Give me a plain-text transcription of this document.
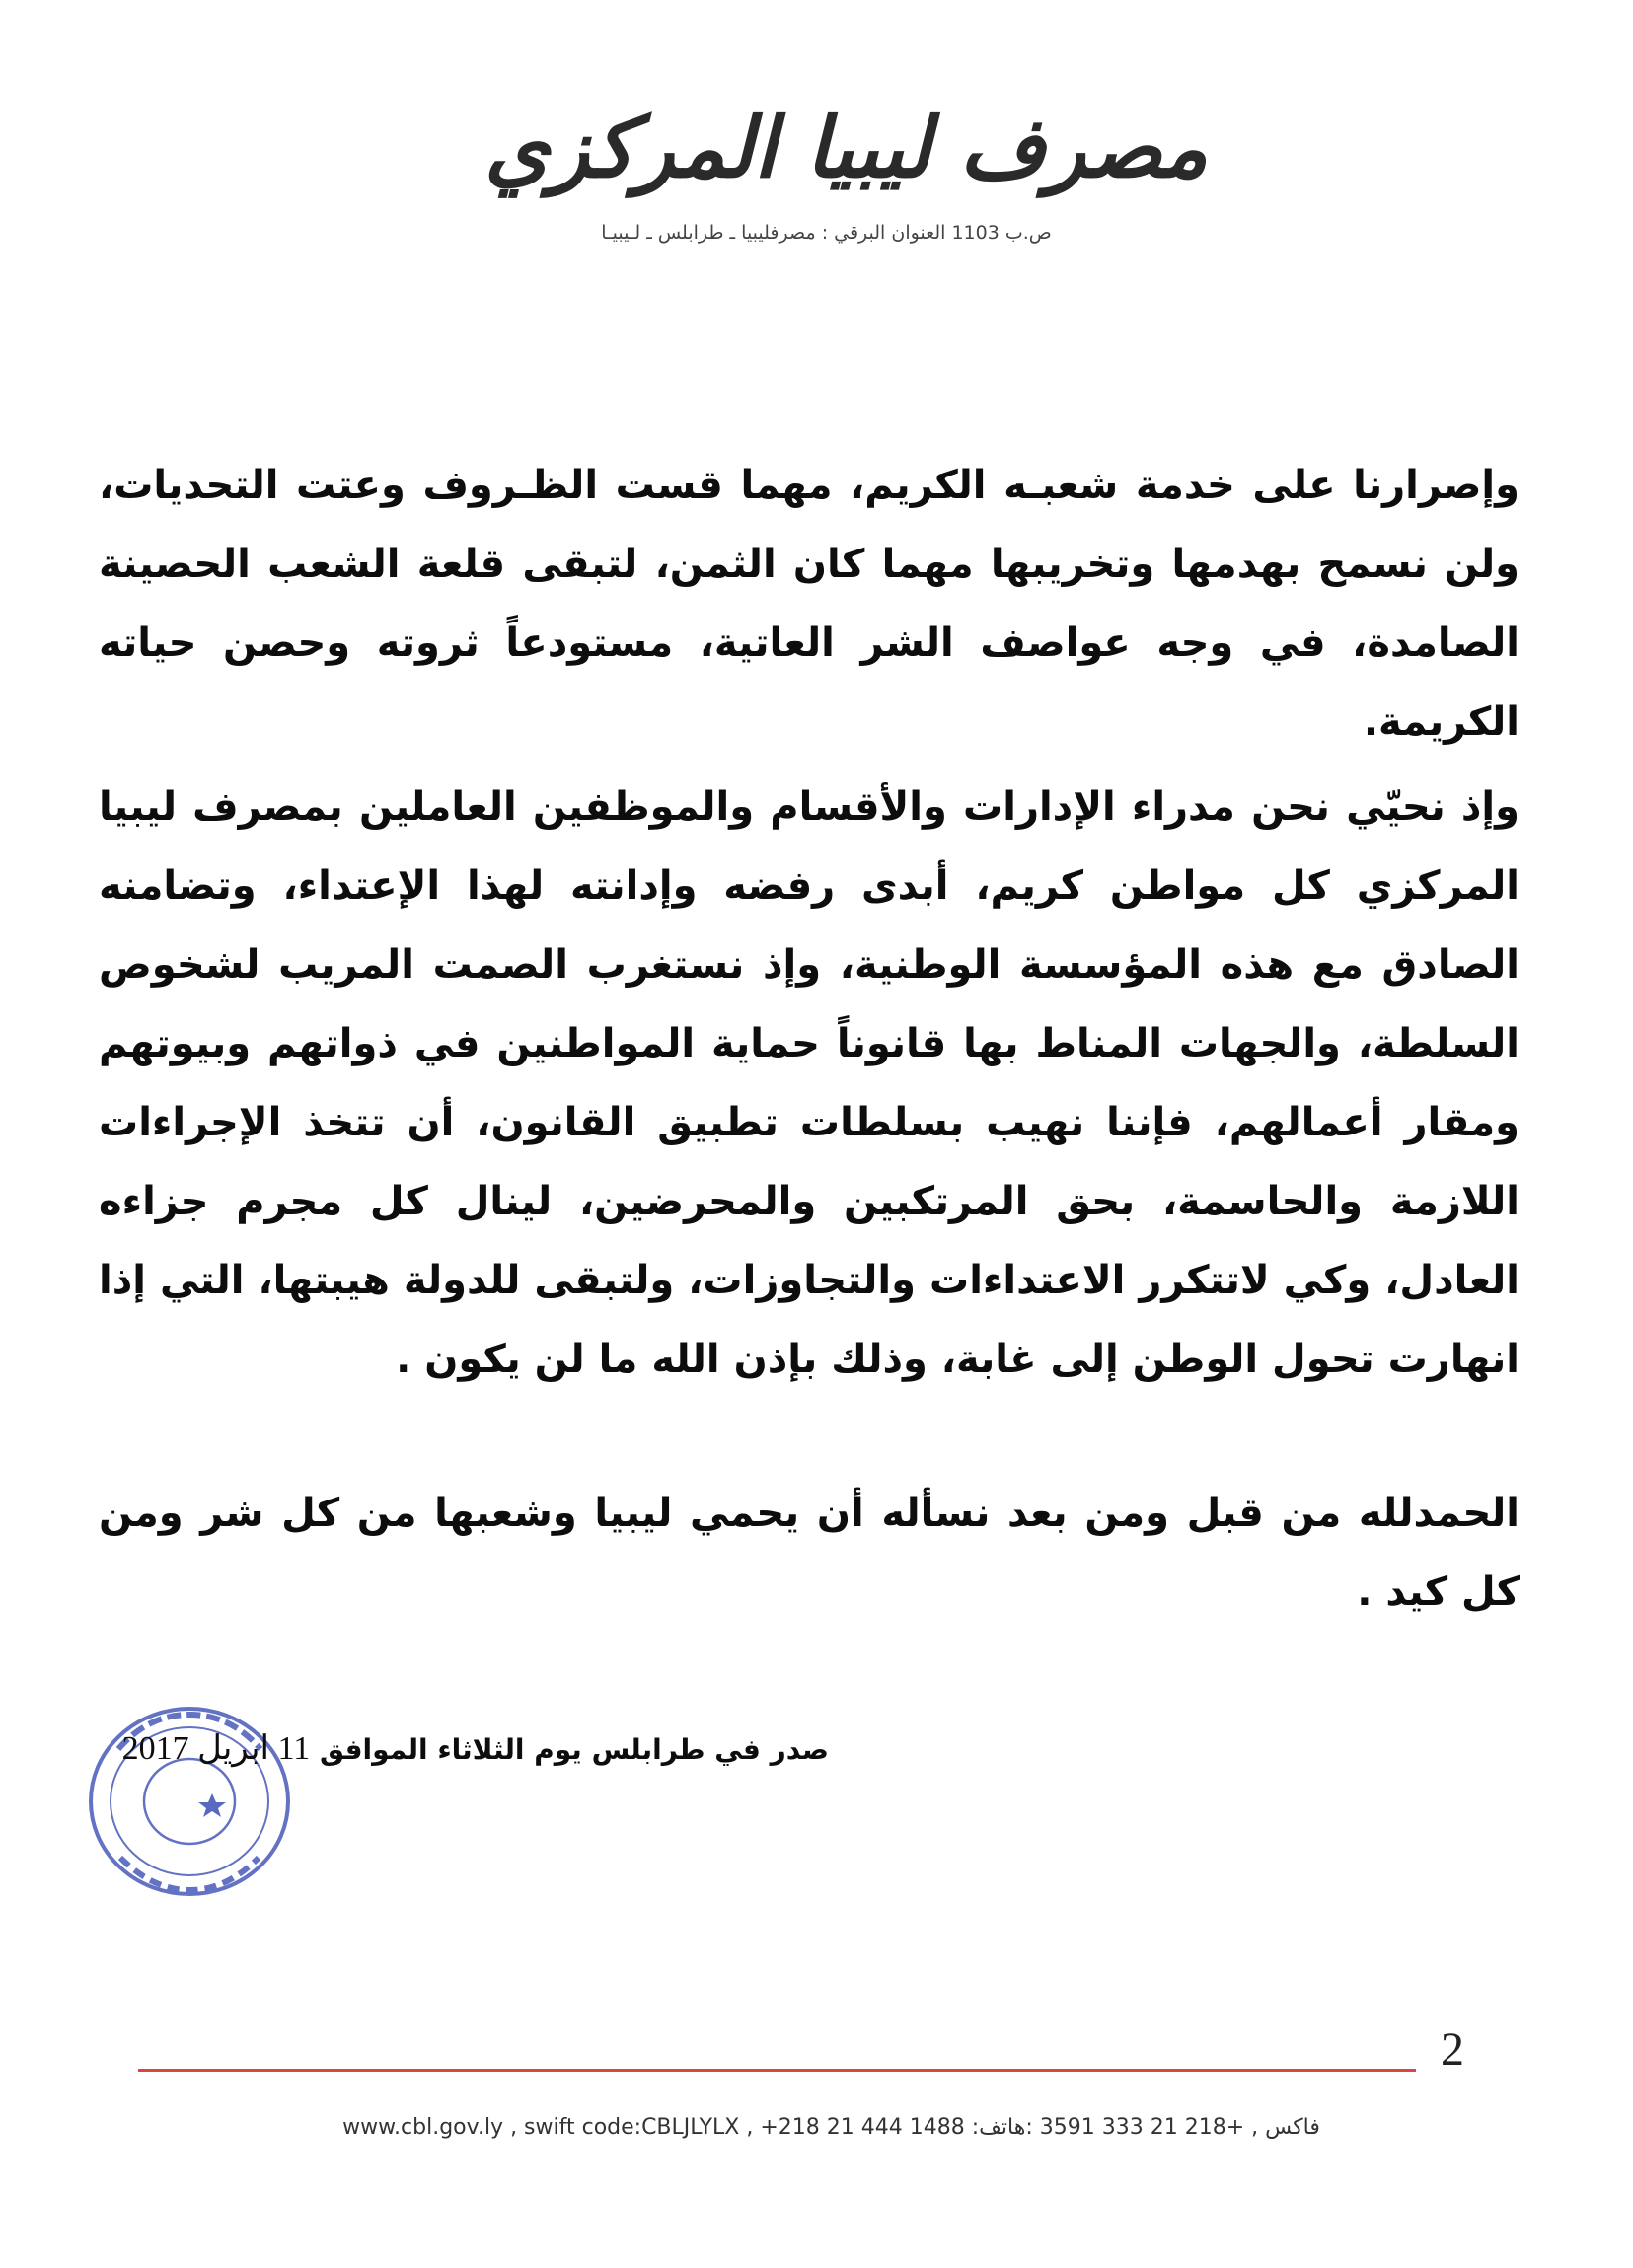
مصرف ليبيا المركزي
ص.ب 1103 العنوان البرقي : مصرفليبيا ـ طرابلس ـ لـيبيـا

وإصرارنا على خدمة شعبـه الكريم، مهما قست الظـروف وعتت التحديات، ولن نسمح بهدمها وتخريبها مهما كان الثمن، لتبقى قلعة الشعب الحصينة الصامدة، في وجه عواصف الشر العاتية، مستودعاً ثروته وحصن حياته الكريمة.

وإذ نحيّي نحن مدراء الإدارات والأقسام والموظفين العاملين بمصرف ليبيا المركزي كل مواطن كريم، أبدى رفضه وإدانته لهذا الإعتداء، وتضامنه الصادق مع هذه المؤسسة الوطنية، وإذ نستغرب الصمت المريب لشخوص السلطة، والجهات المناط بها قانوناً حماية المواطنين في ذواتهم وبيوتهم ومقار أعمالهم، فإننا نهيب بسلطات تطبيق القانون، أن تتخذ الإجراءات اللازمة والحاسمة، بحق المرتكبين والمحرضين، لينال كل مجرم جزاءه العادل، وكي لاتتكرر الاعتداءات والتجاوزات، ولتبقى للدولة هيبتها، التي إذا انهارت تحول الوطن إلى غابة، وذلك بإذن الله ما لن يكون .

الحمدلله من قبل ومن بعد نسأله أن يحمي ليبيا وشعبها من كل شر ومن كل كيد .

صدر في طرابلس يوم الثلاثاء الموافق 11 ابريل 2017
2
www.cbl.gov.ly , swift code:CBLJLYLX , +218 21 444 1488 :فاكس , +218 21 333 3591 :هاتف
